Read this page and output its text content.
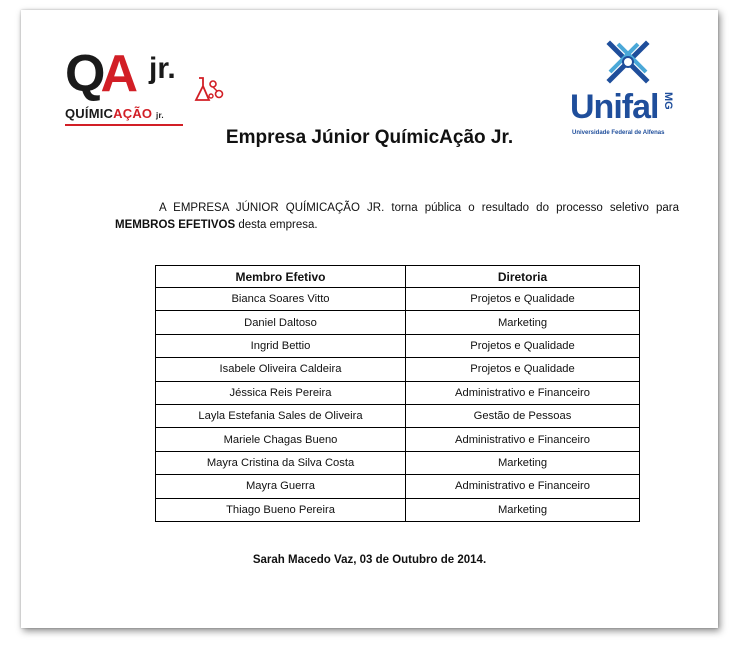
QA jr.
QUÍMICAÇÃO jr.	Unifal MG
Universidade Federal de Alfenas
Empresa Júnior QuímicAção Jr.
A EMPRESA JÚNIOR QUÍMICAÇÃO JR. torna pública o resultado do processo seletivo para MEMBROS EFETIVOS desta empresa.
Membro Efetivo	Diretoria
Bianca Soares Vitto	Projetos e Qualidade
Daniel Daltoso	Marketing
Ingrid Bettio	Projetos e Qualidade
Isabele Oliveira Caldeira	Projetos e Qualidade
Jéssica Reis Pereira	Administrativo e Financeiro
Layla Estefania Sales de Oliveira	Gestão de Pessoas
Mariele Chagas Bueno	Administrativo e Financeiro
Mayra Cristina da Silva Costa	Marketing
Mayra Guerra	Administrativo e Financeiro
Thiago Bueno Pereira	Marketing
Sarah Macedo Vaz, 03 de Outubro de 2014.
